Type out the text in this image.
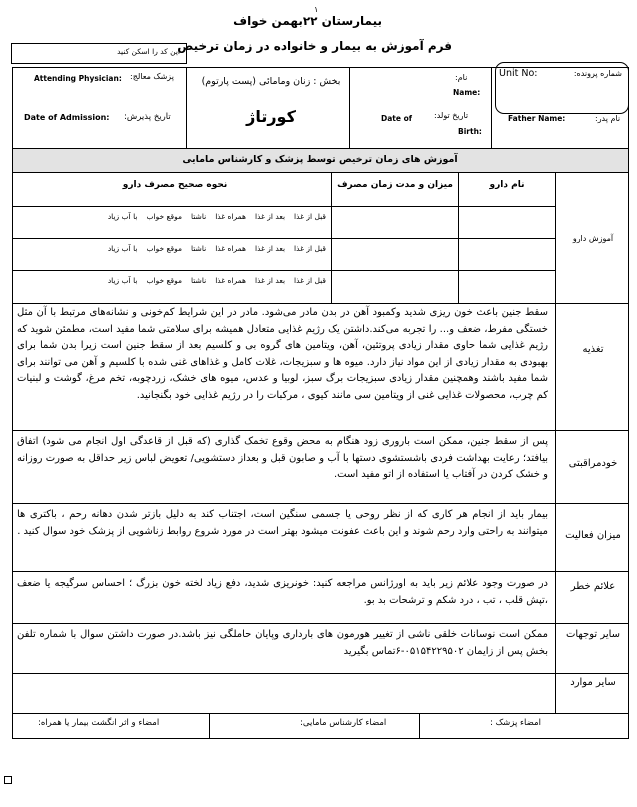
۱
بیمارستان ۲۲بهمن خواف
فرم آموزش به بیمار و خانواده در زمان ترخیص
این کد را اسکن کنید
شماره پرونده:
Unit No:
نام:
Name:
Father Name:	نام پدر:
تاریخ تولد:
Birth:
Date of
بخش : زنان ومامائی (پست پارتوم)
کورتاژ
Attending Physician: پزشک معالج:
Date of Admission: تاریخ پذیرش:
آموزش های زمان ترخیص توسط پزشک و کارشناس مامایی
نام دارو
میزان و مدت زمان مصرف
نحوه صحیح مصرف دارو
آموزش دارو
قبل از غذا
بعد از غذا
همراه غذا
ناشتا
موقع خواب
با آب زیاد
قبل از غذا
بعد از غذا
همراه غذا
ناشتا
موقع خواب
با آب زیاد
قبل از غذا
بعد از غذا
همراه غذا
ناشتا
موقع خواب
با آب زیاد
تغذیه
سقط جنین باعث خون ریزی شدید وکمبود آهن در بدن مادر می‌شود. مادر در این شرایط کم‌خونی و نشانه‌های مرتبط با آن مثل خستگی مفرط، ضعف و... را تجربه می‌کند.داشتن یک رژیم غذایی متعادل همیشه برای سلامتی شما مفید است، مطمئن شوید که رژیم غذایی شما حاوی مقدار زیادی پروتئین، آهن، ویتامین های گروه بی و کلسیم بعد از سقط جنین است زیرا بدن شما برای بهبودی به مقدار زیادی از این مواد نیاز دارد. میوه ها و سبزیجات، غلات کامل و غذاهای غنی شده با کلسیم و آهن می توانند برای شما مفید باشند وهمچنین مقدار زیادی سبزیجات برگ سبز، لوبیا و عدس، میوه های خشک، زردچوبه، تخم مرغ، گوشت و لبنیات کم چرب، محصولات غذایی غنی از ویتامین سی مانند کیوی ، مرکبات را در رژیم غذایی خود بگنجانید.
خودمراقبتی
پس از سقط جنین، ممکن است باروری زود هنگام به محض وقوع تخمک گذاری (که قبل از قاعدگی اول انجام می شود) اتفاق بیافتد؛ رعایت بهداشت فردی باشستشوی دستها با آب و صابون قبل و بعداز دستشویی/ تعویض لباس زیر حداقل به صورت روزانه و خشک کردن در آفتاب یا استفاده از اتو مفید است.
میزان فعالیت
بیمار باید از انجام هر کاری که از نظر روحی یا جسمی سنگین است، اجتناب کند به دلیل بازتر شدن دهانه رحم ، باکتری ها میتوانند به راحتی وارد رحم شوند و این باعث عفونت میشود بهتر است در مورد شروع روابط زناشویی از پزشک خود سوال کنید .
علائم خطر
در صورت وجود علائم زیر باید به اورژانس مراجعه کنید: خونریزی شدید، دفع زیاد لخته خون بزرگ ؛ احساس سرگیجه یا ضعف ،تپش قلب ، تب ، درد شکم و ترشحات بد بو.
سایر توجهات
ممکن است نوسانات خلقی ناشی از تغییر هورمون های بارداری وپایان حاملگی نیز باشد.در صورت داشتن سوال با شماره تلفن بخش پس از زایمان ۰۵۱۵۴۲۲۹۵۰۲-۶تماس بگیرید
سایر موارد
امضاء پزشک :
امضاء کارشناس مامایی:
امضاء و اثر انگشت بیمار یا همراه:
